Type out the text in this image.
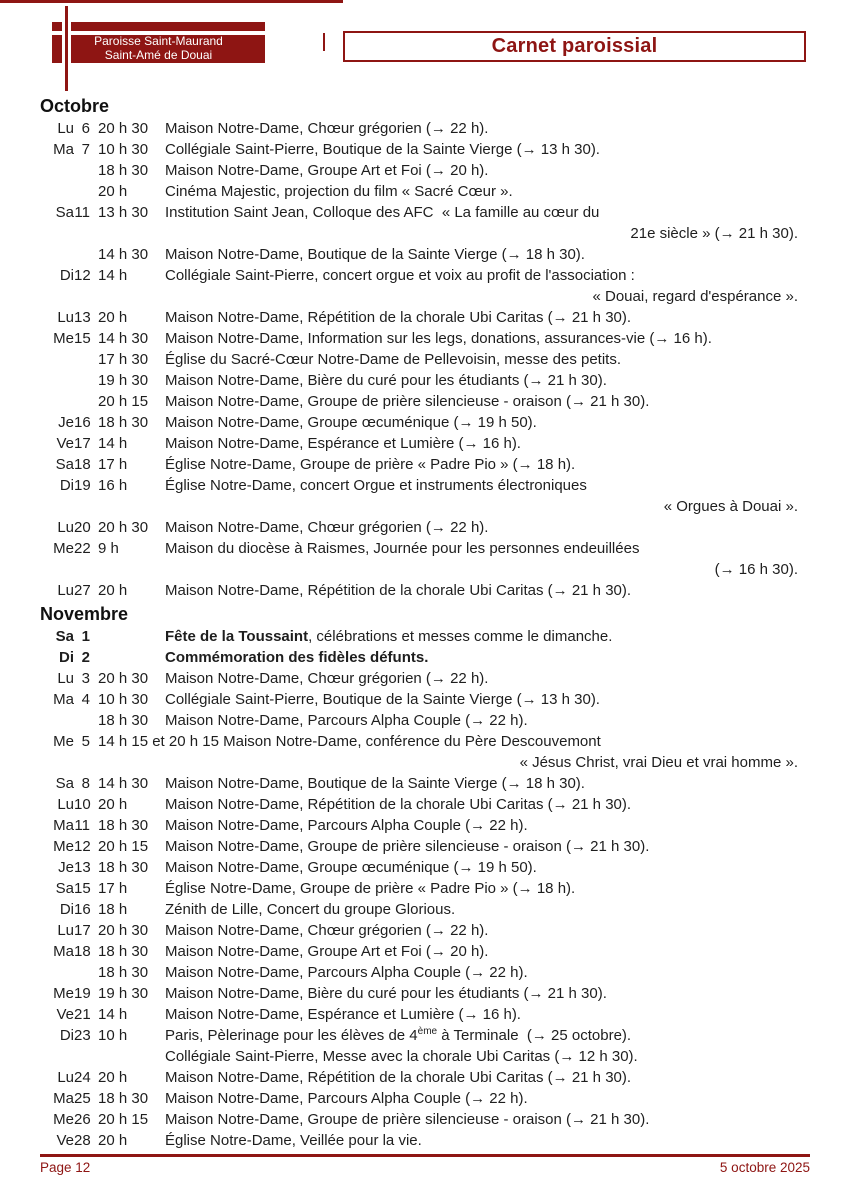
Paroisse Saint-Maurand
Saint-Amé de Douai	Carnet paroissial
Octobre
Lu 6 20 h 30	Maison Notre-Dame, Chœur grégorien (→ 22 h).
Ma 7 10 h 30	Collégiale Saint-Pierre, Boutique de la Sainte Vierge (→ 13 h 30).
18 h 30	Maison Notre-Dame, Groupe Art et Foi (→ 20 h).
20 h	Cinéma Majestic, projection du film « Sacré Cœur ».
Sa 11 13 h 30	Institution Saint Jean, Colloque des AFC  « La famille au cœur du
21e siècle » (→ 21 h 30).
14 h 30	Maison Notre-Dame, Boutique de la Sainte Vierge (→ 18 h 30).
Di 12 14 h	Collégiale Saint-Pierre, concert orgue et voix au profit de l'association :
« Douai, regard d'espérance ».
Lu 13 20 h	Maison Notre-Dame, Répétition de la chorale Ubi Caritas (→ 21 h 30).
Me 15 14 h 30	Maison Notre-Dame, Information sur les legs, donations, assurances-vie (→ 16 h).
17 h 30	Église du Sacré-Cœur Notre-Dame de Pellevoisin, messe des petits.
19 h 30	Maison Notre-Dame, Bière du curé pour les étudiants (→ 21 h 30).
20 h 15	Maison Notre-Dame, Groupe de prière silencieuse - oraison (→ 21 h 30).
Je 16 18 h 30	Maison Notre-Dame, Groupe œcuménique (→ 19 h 50).
Ve 17 14 h	Maison Notre-Dame, Espérance et Lumière (→ 16 h).
Sa 18 17 h	Église Notre-Dame, Groupe de prière « Padre Pio » (→ 18 h).
Di 19 16 h	Église Notre-Dame, concert Orgue et instruments électroniques
« Orgues à Douai ».
Lu 20 20 h 30	Maison Notre-Dame, Chœur grégorien (→ 22 h).
Me 22 9 h	Maison du diocèse à Raismes, Journée pour les personnes endeuillées
(→ 16 h 30).
Lu 27 20 h	Maison Notre-Dame, Répétition de la chorale Ubi Caritas (→ 21 h 30).
Novembre
Sa 1	Fête de la Toussaint, célébrations et messes comme le dimanche.
Di 2	Commémoration des fidèles défunts.
Lu 3 20 h 30	Maison Notre-Dame, Chœur grégorien (→ 22 h).
Ma 4 10 h 30	Collégiale Saint-Pierre, Boutique de la Sainte Vierge (→ 13 h 30).
18 h 30	Maison Notre-Dame, Parcours Alpha Couple (→ 22 h).
Me 5 14 h 15 et 20 h 15 Maison Notre-Dame, conférence du Père Descouvemont
« Jésus Christ, vrai Dieu et vrai homme ».
Sa 8 14 h 30	Maison Notre-Dame, Boutique de la Sainte Vierge (→ 18 h 30).
Lu 10 20 h	Maison Notre-Dame, Répétition de la chorale Ubi Caritas (→ 21 h 30).
Ma 11 18 h 30	Maison Notre-Dame, Parcours Alpha Couple (→ 22 h).
Me 12 20 h 15	Maison Notre-Dame, Groupe de prière silencieuse - oraison (→ 21 h 30).
Je 13 18 h 30	Maison Notre-Dame, Groupe œcuménique (→ 19 h 50).
Sa 15 17 h	Église Notre-Dame, Groupe de prière « Padre Pio » (→ 18 h).
Di 16 18 h	Zénith de Lille, Concert du groupe Glorious.
Lu 17 20 h 30	Maison Notre-Dame, Chœur grégorien (→ 22 h).
Ma 18 18 h 30	Maison Notre-Dame, Groupe Art et Foi (→ 20 h).
18 h 30	Maison Notre-Dame, Parcours Alpha Couple (→ 22 h).
Me 19 19 h 30	Maison Notre-Dame, Bière du curé pour les étudiants (→ 21 h 30).
Ve 21 14 h	Maison Notre-Dame, Espérance et Lumière (→ 16 h).
Di 23 10 h	Paris, Pèlerinage pour les élèves de 4ème à Terminale  (→ 25 octobre).
Collégiale Saint-Pierre, Messe avec la chorale Ubi Caritas (→ 12 h 30).
Lu 24 20 h	Maison Notre-Dame, Répétition de la chorale Ubi Caritas (→ 21 h 30).
Ma 25 18 h 30	Maison Notre-Dame, Parcours Alpha Couple (→ 22 h).
Me 26 20 h 15	Maison Notre-Dame, Groupe de prière silencieuse - oraison (→ 21 h 30).
Ve 28 20 h	Église Notre-Dame, Veillée pour la vie.
Page 12	5 octobre 2025
